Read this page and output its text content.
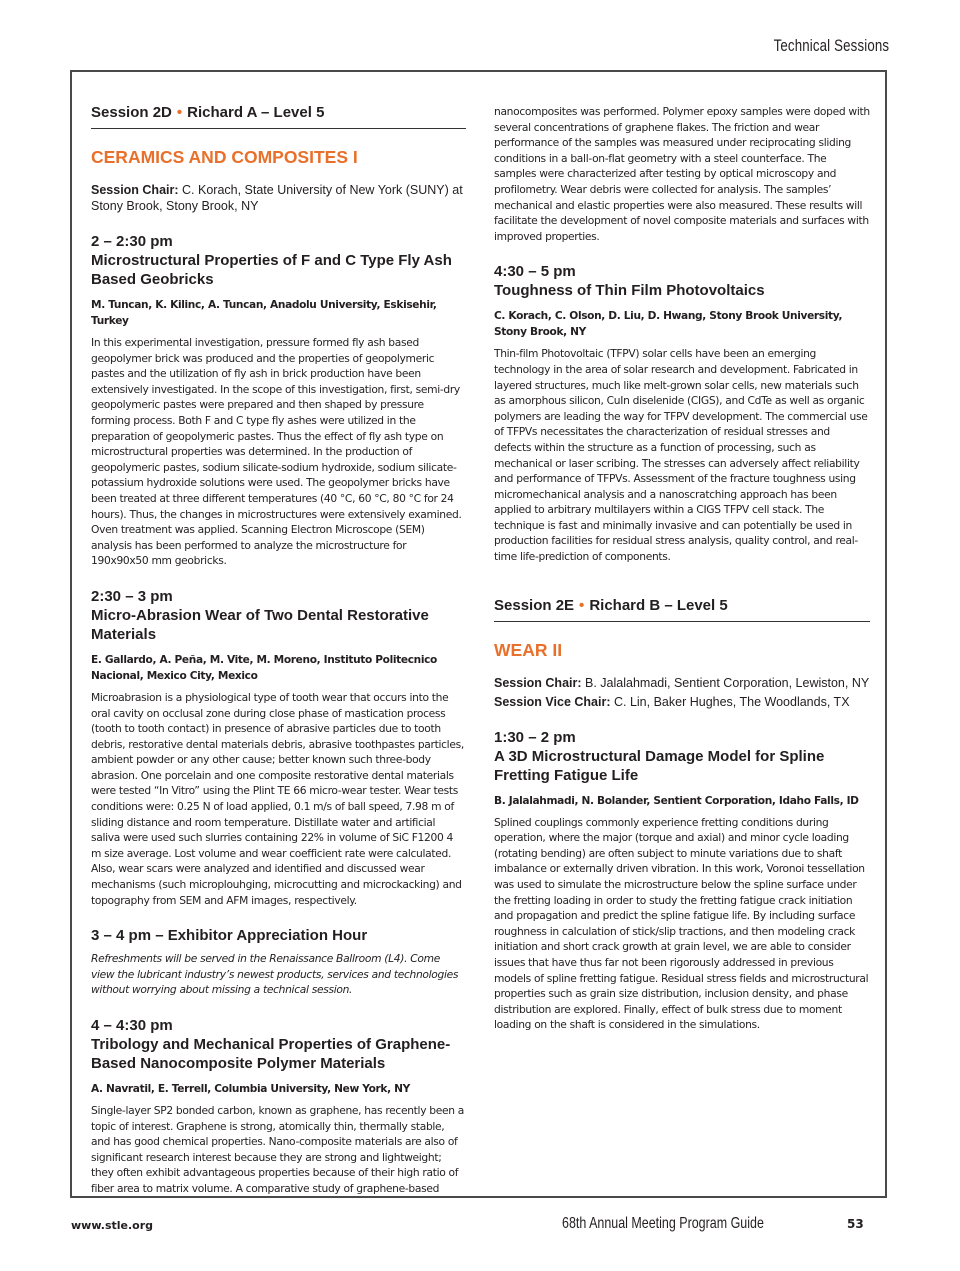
Technical Sessions
Session 2D • Richard A – Level 5
CERAMICS AND COMPOSITES I

Session Chair: C. Korach, State University of New York (SUNY) at Stony Brook, Stony Brook, NY

2 – 2:30 pm
Microstructural Properties of F and C Type Fly Ash Based Geobricks
M. Tuncan, K. Kilinc, A. Tuncan, Anadolu University, Eskisehir, Turkey

In this experimental investigation, pressure formed fly ash based geopolymer brick was produced and the properties of geopolymeric pastes and the utilization of fly ash in brick production have been extensively investigated. In the scope of this investigation, first, semi-dry geopolymeric pastes were prepared and then shaped by pressure forming process. Both F and C type fly ashes were utilized in the preparation of geopolymeric pastes. Thus the effect of fly ash type on microstructural properties was determined. In the production of geopolymeric pastes, sodium silicate-sodium hydroxide, sodium silicate-potassium hydroxide solutions were used. The geopolymer bricks have been treated at three different temperatures (40 °C, 60 °C, 80 °C for 24 hours). Thus, the changes in microstructures were extensively examined. Oven treatment was applied. Scanning Electron Microscope (SEM) analysis has been performed to analyze the microstructure for 190x90x50 mm geobricks.

2:30 – 3 pm
Micro-Abrasion Wear of Two Dental Restorative Materials
E. Gallardo, A. Peña, M. Vite, M. Moreno, Instituto Politecnico Nacional, Mexico City, Mexico

Microabrasion is a physiological type of tooth wear that occurs into the oral cavity on occlusal zone during close phase of mastication process (tooth to tooth contact) in presence of abrasive particles due to tooth debris, restorative dental materials debris, abrasive toothpastes particles, ambient powder or any other cause; better known such three-body abrasion. One porcelain and one composite restorative dental materials were tested “In Vitro” using the Plint TE 66 micro-wear tester. Wear tests conditions were: 0.25 N of load applied, 0.1 m/s of ball speed, 7.98 m of sliding distance and room temperature. Distillate water and artificial saliva were used such slurries containing 22% in volume of SiC F1200 4 m size average. Lost volume and wear coefficient rate were calculated. Also, wear scars were analyzed and identified and discussed wear mechanisms (such microplouhging, microcutting and microckacking) and topography from SEM and AFM images, respectively.

3 – 4 pm – Exhibitor Appreciation Hour

Refreshments will be served in the Renaissance Ballroom (L4). Come view the lubricant industry’s newest products, services and technologies without worrying about missing a technical session.

4 – 4:30 pm
Tribology and Mechanical Properties of Graphene-Based Nanocomposite Polymer Materials
A. Navratil, E. Terrell, Columbia University, New York, NY

Single-layer SP2 bonded carbon, known as graphene, has recently been a topic of interest. Graphene is strong, atomically thin, thermally stable, and has good chemical properties. Nano-composite materials are also of significant research interest because they are strong and lightweight; they often exhibit advantageous properties because of their high ratio of fiber area to matrix volume. A comparative study of graphene-based

nanocomposites was performed. Polymer epoxy samples were doped with several concentrations of graphene flakes. The friction and wear performance of the samples was measured under reciprocating sliding conditions in a ball-on-flat geometry with a steel counterface. The samples were characterized after testing by optical microscopy and profilometry. Wear debris were collected for analysis. The samples’ mechanical and elastic properties were also measured. These results will facilitate the development of novel composite materials and surfaces with improved properties.

4:30 – 5 pm
Toughness of Thin Film Photovoltaics
C. Korach, C. Olson, D. Liu, D. Hwang, Stony Brook University, Stony Brook, NY

Thin-film Photovoltaic (TFPV) solar cells have been an emerging technology in the area of solar research and development. Fabricated in layered structures, much like melt-grown solar cells, new materials such as amorphous silicon, CuIn diselenide (CIGS), and CdTe as well as organic polymers are leading the way for TFPV development. The commercial use of TFPVs necessitates the characterization of residual stresses and defects within the structure as a function of processing, such as mechanical or laser scribing. The stresses can adversely affect reliability and performance of TFPVs. Assessment of the fracture toughness using micromechanical analysis and a nanoscratching approach has been applied to arbitrary multilayers within a CIGS TFPV cell stack. The technique is fast and minimally invasive and can potentially be used in production facilities for residual stress analysis, quality control, and real-time life-prediction of components.

Session 2E • Richard B – Level 5
WEAR II

Session Chair: B. Jalalahmadi, Sentient Corporation, Lewiston, NY

Session Vice Chair: C. Lin, Baker Hughes, The Woodlands, TX

1:30 – 2 pm
A 3D Microstructural Damage Model for Spline Fretting Fatigue Life
B. Jalalahmadi, N. Bolander, Sentient Corporation, Idaho Falls, ID

Splined couplings commonly experience fretting conditions during operation, where the major (torque and axial) and minor cycle loading (rotating bending) are often subject to minute variations due to shaft imbalance or externally driven vibration. In this work, Voronoi tessellation was used to simulate the microstructure below the spline surface under the fretting loading in order to study the fretting fatigue crack initiation and propagation and predict the spline fatigue life. By including surface roughness in calculation of stick/slip tractions, and then modeling crack initiation and short crack growth at grain level, we are able to consider issues that have thus far not been rigorously addressed in previous models of spline fretting fatigue. Residual stress fields and microstructural properties such as grain size distribution, inclusion density, and phase distribution are explored. Finally, effect of bulk stress due to moment loading on the shaft is considered in the simulations.

www.stle.org	68th Annual Meeting Program Guide	53
